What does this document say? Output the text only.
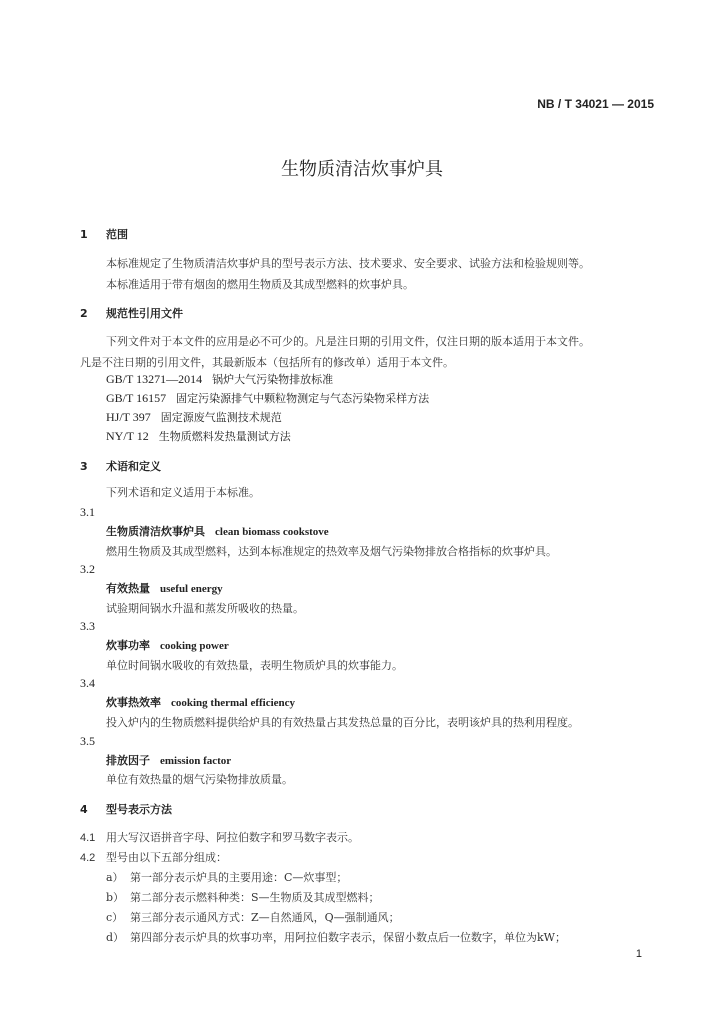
NB / T 34021 — 2015
生物质清洁炊事炉具
1 范围
本标准规定了生物质清洁炊事炉具的型号表示方法、技术要求、安全要求、试验方法和检验规则等。
本标准适用于带有烟囱的燃用生物质及其成型燃料的炊事炉具。
2 规范性引用文件
下列文件对于本文件的应用是必不可少的。凡是注日期的引用文件，仅注日期的版本适用于本文件。
凡是不注日期的引用文件，其最新版本（包括所有的修改单）适用于本文件。
GB/T 13271—2014 锅炉大气污染物排放标准
GB/T 16157 固定污染源排气中颗粒物测定与气态污染物采样方法
HJ/T 397 固定源废气监测技术规范
NY/T 12 生物质燃料发热量测试方法
3 术语和定义
下列术语和定义适用于本标准。
3.1
生物质清洁炊事炉具 clean biomass cookstove
燃用生物质及其成型燃料，达到本标准规定的热效率及烟气污染物排放合格指标的炊事炉具。
3.2
有效热量 useful energy
试验期间锅水升温和蒸发所吸收的热量。
3.3
炊事功率 cooking power
单位时间锅水吸收的有效热量，表明生物质炉具的炊事能力。
3.4
炊事热效率 cooking thermal efficiency
投入炉内的生物质燃料提供给炉具的有效热量占其发热总量的百分比，表明该炉具的热利用程度。
3.5
排放因子 emission factor
单位有效热量的烟气污染物排放质量。
4 型号表示方法
4.1 用大写汉语拼音字母、阿拉伯数字和罗马数字表示。
4.2 型号由以下五部分组成：
a） 第一部分表示炉具的主要用途：C—炊事型；
b） 第二部分表示燃料种类：S—生物质及其成型燃料；
c） 第三部分表示通风方式：Z—自然通风，Q—强制通风；
d） 第四部分表示炉具的炊事功率，用阿拉伯数字表示，保留小数点后一位数字，单位为kW；
1
